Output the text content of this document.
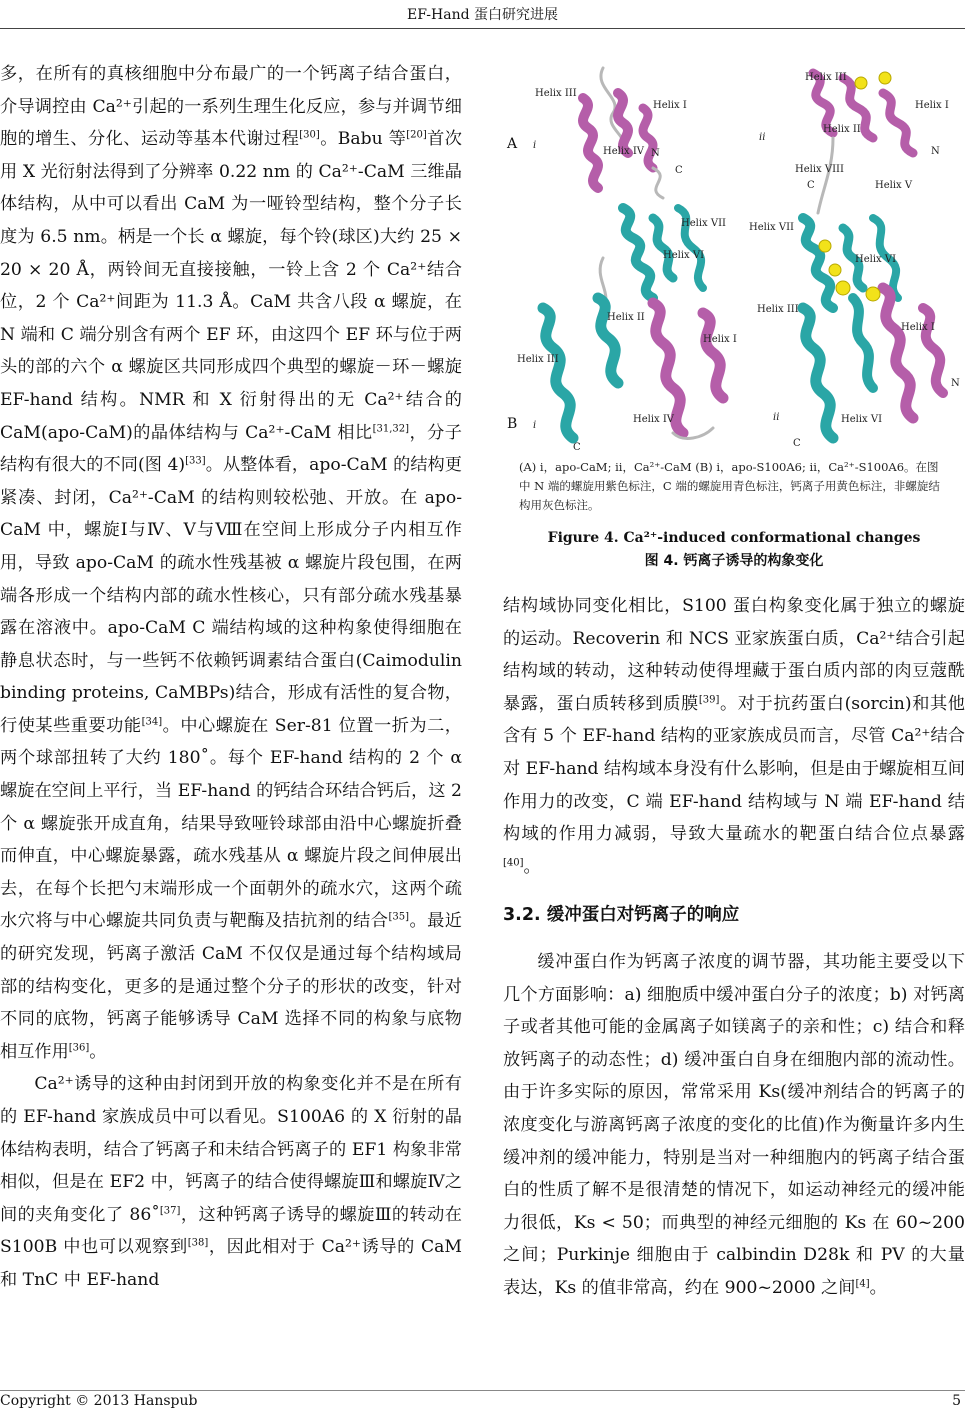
EF-Hand 蛋白研究进展

多，在所有的真核细胞中分布最广的一个钙离子结合蛋白，介导调控由 Ca²⁺引起的一系列生理生化反应，参与并调节细胞的增生、分化、运动等基本代谢过程[30]。Babu 等[20]首次用 X 光衍射法得到了分辨率 0.22 nm 的 Ca²⁺-CaM 三维晶体结构，从中可以看出 CaM 为一哑铃型结构，整个分子长度为 6.5 nm。柄是一个长 α 螺旋，每个铃(球区)大约 25 × 20 × 20 Å，两铃间无直接接触，一铃上含 2 个 Ca²⁺结合位，2 个 Ca²⁺间距为 11.3 Å。CaM 共含八段 α 螺旋，在 N 端和 C 端分别含有两个 EF 环，由这四个 EF 环与位于两头的部的六个 α 螺旋区共同形成四个典型的螺旋－环－螺旋 EF-hand 结构。NMR 和 X 衍射得出的无 Ca²⁺结合的 CaM(apo-CaM)的晶体结构与 Ca²⁺-CaM 相比[31,32]，分子结构有很大的不同(图 4)[33]。从整体看，apo-CaM 的结构更紧凑、封闭，Ca²⁺-CaM 的结构则较松弛、开放。在 apo-CaM 中，螺旋Ⅰ与Ⅳ、Ⅴ与Ⅷ在空间上形成分子内相互作用，导致 apo-CaM 的疏水性残基被 α 螺旋片段包围，在两端各形成一个结构内部的疏水性核心，只有部分疏水残基暴露在溶液中。apo-CaM C 端结构域的这种构象使得细胞在静息状态时，与一些钙不依赖钙调素结合蛋白(Caimodulin binding proteins, CaMBPs)结合，形成有活性的复合物，行使某些重要功能[34]。中心螺旋在 Ser-81 位置一折为二，两个球部扭转了大约 180˚。每个 EF-hand 结构的 2 个 α 螺旋在空间上平行，当 EF-hand 的钙结合环结合钙后，这 2 个 α 螺旋张开成直角，结果导致哑铃球部由沿中心螺旋折叠而伸直，中心螺旋暴露，疏水残基从 α 螺旋片段之间伸展出去，在每个长把勺末端形成一个面朝外的疏水穴，这两个疏水穴将与中心螺旋共同负责与靶酶及拮抗剂的结合[35]。最近的研究发现，钙离子激活 CaM 不仅仅是通过每个结构域局部的结构变化，更多的是通过整个分子的形状的改变，针对不同的底物，钙离子能够诱导 CaM 选择不同的构象与底物相互作用[36]。

Ca²⁺诱导的这种由封闭到开放的构象变化并不是在所有的 EF-hand 家族成员中可以看见。S100A6 的 X 衍射的晶体结构表明，结合了钙离子和未结合钙离子的 EF1 构象非常相似，但是在 EF2 中，钙离子的结合使得螺旋Ⅲ和螺旋Ⅳ之间的夹角变化了 86˚[37]，这种钙离子诱导的螺旋Ⅲ的转动在 S100B 中也可以观察到[38]，因此相对于 Ca²⁺诱导的 CaM 和 TnC 中 EF-hand

A i
ii
B i
ii
Helix III
Helix I
Helix IV N
C
Helix VII
Helix VI
Helix III
Helix I
Helix II
N
Helix VIII
C	Helix V
Helix VII
Helix VI
Helix III
Helix II
Helix I
Helix IV
C
Helix III
Helix I
N
Helix VI
C
(A) i，apo-CaM; ii，Ca²⁺-CaM (B) i，apo-S100A6; ii，Ca²⁺-S100A6。在图中 N 端的螺旋用紫色标注，C 端的螺旋用青色标注，钙离子用黄色标注，非螺旋结构用灰色标注。
Figure 4. Ca²⁺-induced conformational changes
图 4. 钙离子诱导的构象变化

结构域协同变化相比，S100 蛋白构象变化属于独立的螺旋的运动。Recoverin 和 NCS 亚家族蛋白质，Ca²⁺结合引起结构域的转动，这种转动使得埋藏于蛋白质内部的肉豆蔻酰暴露，蛋白质转移到质膜[39]。对于抗药蛋白(sorcin)和其他含有 5 个 EF-hand 结构的亚家族成员而言，尽管 Ca²⁺结合对 EF-hand 结构域本身没有什么影响，但是由于螺旋相互间作用力的改变，C 端 EF-hand 结构域与 N 端 EF-hand 结构域的作用力减弱，导致大量疏水的靶蛋白结合位点暴露[40]。

3.2. 缓冲蛋白对钙离子的响应

缓冲蛋白作为钙离子浓度的调节器，其功能主要受以下几个方面影响：a) 细胞质中缓冲蛋白分子的浓度；b) 对钙离子或者其他可能的金属离子如镁离子的亲和性；c) 结合和释放钙离子的动态性；d) 缓冲蛋白自身在细胞内部的流动性。由于许多实际的原因，常常采用 Ks(缓冲剂结合的钙离子的浓度变化与游离钙离子浓度的变化的比值)作为衡量许多内生缓冲剂的缓冲能力，特别是当对一种细胞内的钙离子结合蛋白的性质了解不是很清楚的情况下，如运动神经元的缓冲能力很低，Ks < 50；而典型的神经元细胞的 Ks 在 60~200 之间；Purkinje 细胞由于 calbindin D28k 和 PV 的大量表达，Ks 的值非常高，约在 900~2000 之间[4]。

Copyright © 2013 Hanspub	5
